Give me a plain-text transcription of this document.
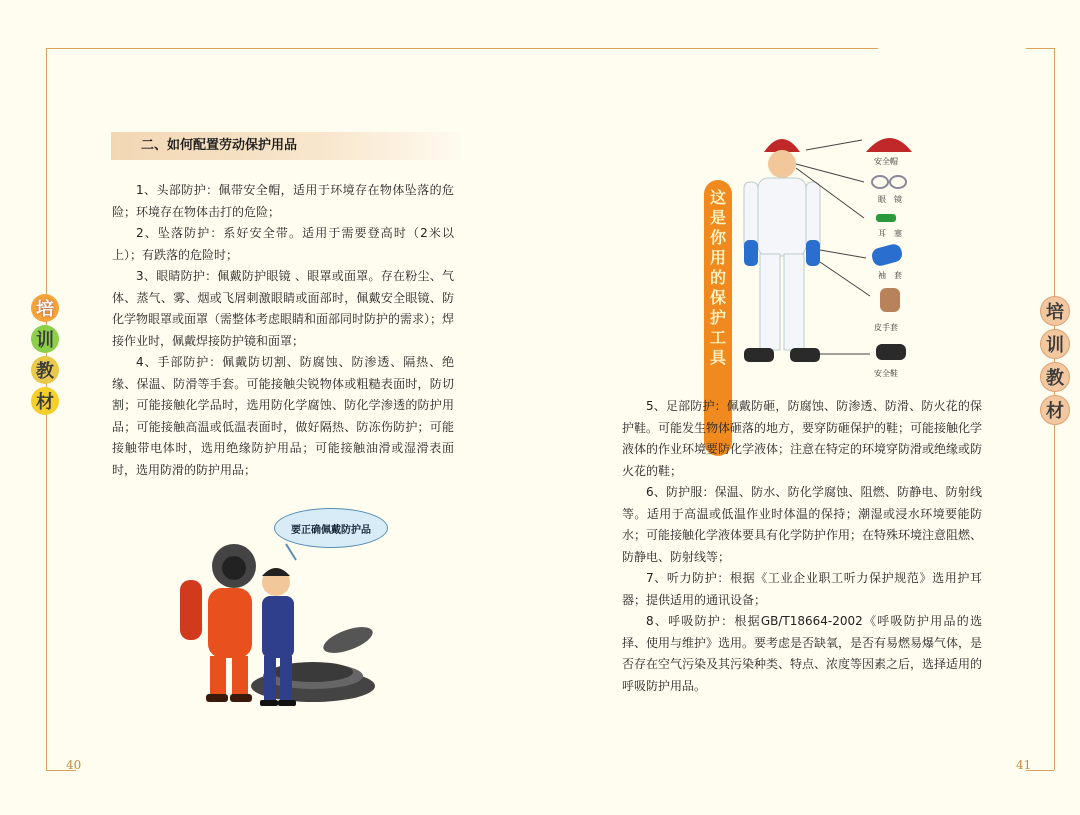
40	41
培
训
教
材
培
训
教
材
二、如何配置劳动保护用品

1、头部防护：佩带安全帽，适用于环境存在物体坠落的危险；环境存在物体击打的危险；

2、坠落防护：系好安全带。适用于需要登高时（2米以上）；有跌落的危险时；

3、眼睛防护：佩戴防护眼镜 、眼罩或面罩。存在粉尘、气体、蒸气、雾、烟或飞屑刺激眼睛或面部时，佩戴安全眼镜、防化学物眼罩或面罩（需整体考虑眼睛和面部同时防护的需求）；焊接作业时，佩戴焊接防护镜和面罩；

4、手部防护：佩戴防切割、防腐蚀、防渗透、隔热、绝缘、保温、防滑等手套。可能接触尖锐物体或粗糙表面时，防切割；可能接触化学品时，选用防化学腐蚀、防化学渗透的防护用品；可能接触高温或低温表面时，做好隔热、防冻伤防护；可能接触带电体时，选用绝缘防护用品；可能接触油滑或湿滑表面时，选用防滑的防护用品；

要正确佩戴防护品
这
是
你
用
的
保
护
工
具
安全帽
眼　镜
耳　塞
袖　套
皮手套
安全鞋

5、足部防护：佩戴防砸，防腐蚀、防渗透、防滑、防火花的保护鞋。可能发生物体砸落的地方，要穿防砸保护的鞋；可能接触化学液体的作业环境要防化学液体；注意在特定的环境穿防滑或绝缘或防火花的鞋；

6、防护服：保温、防水、防化学腐蚀、阻燃、防静电、防射线等。适用于高温或低温作业时体温的保持；潮湿或浸水环境要能防水；可能接触化学液体要具有化学防护作用；在特殊环境注意阻燃、防静电、防射线等；

7、听力防护：根据《工业企业职工听力保护规范》选用护耳器；提供适用的通讯设备；

8、呼吸防护：根据GB/T18664-2002《呼吸防护用品的选择、使用与维护》选用。要考虑是否缺氧，是否有易燃易爆气体，是否存在空气污染及其污染种类、特点、浓度等因素之后，选择适用的呼吸防护用品。
